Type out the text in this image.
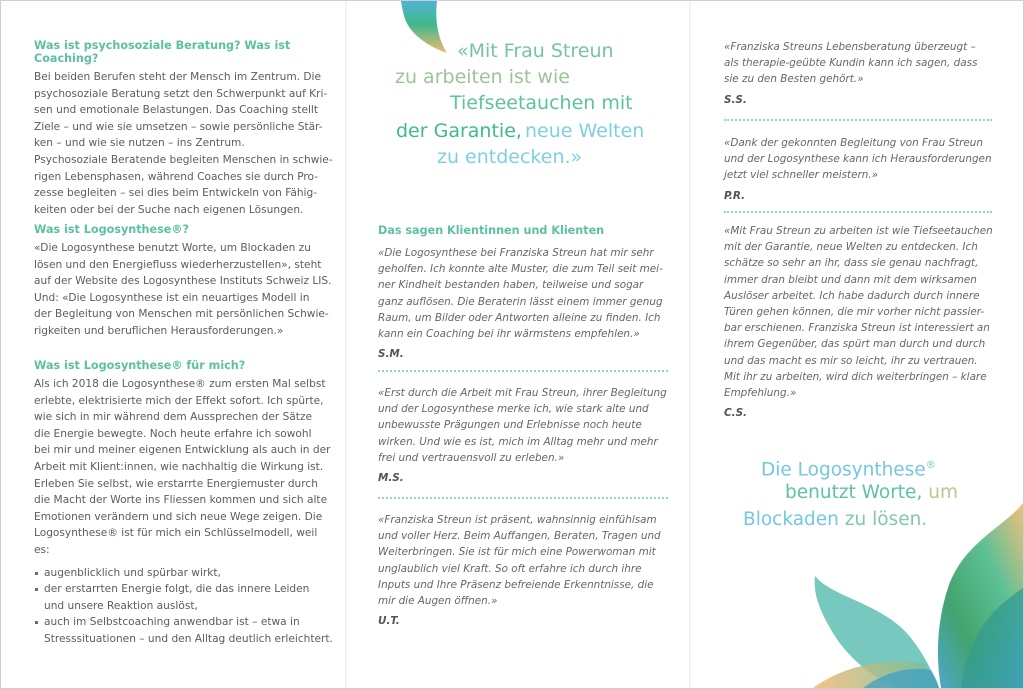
Was ist psychosoziale Beratung? Was ist Coaching?

Bei beiden Berufen steht der Mensch im Zentrum. Die

psychosoziale Beratung setzt den Schwerpunkt auf Kri-

sen und emotionale Belastungen. Das Coaching stellt

Ziele – und wie sie umsetzen – sowie persönliche Stär-

ken – und wie sie nutzen – ins Zentrum.

Psychosoziale Beratende begleiten Menschen in schwie-

rigen Lebensphasen, während Coaches sie durch Pro-

zesse begleiten – sei dies beim Entwickeln von Fähig-

keiten oder bei der Suche nach eigenen Lösungen.

Was ist Logosynthese®?

«Die Logosynthese benutzt Worte, um Blockaden zu

lösen und den Energiefluss wiederherzustellen», steht

auf der Website des Logosynthese Instituts Schweiz LIS.

Und: «Die Logosynthese ist ein neuartiges Modell in

der Begleitung von Menschen mit persönlichen Schwie-

rigkeiten und beruflichen Herausforderungen.»

Was ist Logosynthese® für mich?

Als ich 2018 die Logosynthese® zum ersten Mal selbst

erlebte, elektrisierte mich der Effekt sofort. Ich spürte,

wie sich in mir während dem Aussprechen der Sätze

die Energie bewegte. Noch heute erfahre ich sowohl

bei mir und meiner eigenen Entwicklung als auch in der

Arbeit mit Klient:innen, wie nachhaltig die Wirkung ist.

Erleben Sie selbst, wie erstarrte Energiemuster durch

die Macht der Worte ins Fliessen kommen und sich alte

Emotionen verändern und sich neue Wege zeigen. Die

Logosynthese® ist für mich ein Schlüsselmodell, weil es:

augenblicklich und spürbar wirkt,
der erstarrten Energie folgt, die das innere Leiden
und unsere Reaktion auslöst,
auch im Selbstcoaching anwendbar ist – etwa in
Stresssituationen – und den Alltag deutlich erleichtert.
«Mit Frau Streun
zu arbeiten ist wie
Tiefseetauchen mit
der Garantie, neue Welten
zu entdecken.»
Das sagen Klientinnen und Klienten
«Die Logosynthese bei Franziska Streun hat mir sehr
geholfen. Ich konnte alte Muster, die zum Teil seit mei-
ner Kindheit bestanden haben, teilweise und sogar
ganz auflösen. Die Beraterin lässt einem immer genug
Raum, um Bilder oder Antworten alleine zu finden. Ich
kann ein Coaching bei ihr wärmstens empfehlen.»
S.M.
«Erst durch die Arbeit mit Frau Streun, ihrer Begleitung
und der Logosynthese merke ich, wie stark alte und
unbewusste Prägungen und Erlebnisse noch heute
wirken. Und wie es ist, mich im Alltag mehr und mehr
frei und vertrauensvoll zu erleben.»
M.S.
«Franziska Streun ist präsent, wahnsinnig einfühlsam
und voller Herz. Beim Auffangen, Beraten, Tragen und
Weiterbringen. Sie ist für mich eine Powerwoman mit
unglaublich viel Kraft. So oft erfahre ich durch ihre
Inputs und Ihre Präsenz befreiende Erkenntnisse, die
mir die Augen öffnen.»
U.T.
«Franziska Streuns Lebensberatung überzeugt –
als therapie-geübte Kundin kann ich sagen, dass
sie zu den Besten gehört.»
S.S.
«Dank der gekonnten Begleitung von Frau Streun
und der Logosynthese kann ich Herausforderungen
jetzt viel schneller meistern.»
P.R.
«Mit Frau Streun zu arbeiten ist wie Tiefseetauchen
mit der Garantie, neue Welten zu entdecken. Ich
schätze so sehr an ihr, dass sie genau nachfragt,
immer dran bleibt und dann mit dem wirksamen
Auslöser arbeitet. Ich habe dadurch durch innere
Türen gehen können, die mir vorher nicht passier-
bar erschienen. Franziska Streun ist interessiert an
ihrem Gegenüber, das spürt man durch und durch
und das macht es mir so leicht, ihr zu vertrauen.
Mit ihr zu arbeiten, wird dich weiterbringen – klare
Empfehlung.»
C.S.
Die Logosynthese®
benutzt Worte, um
Blockaden zu lösen.
